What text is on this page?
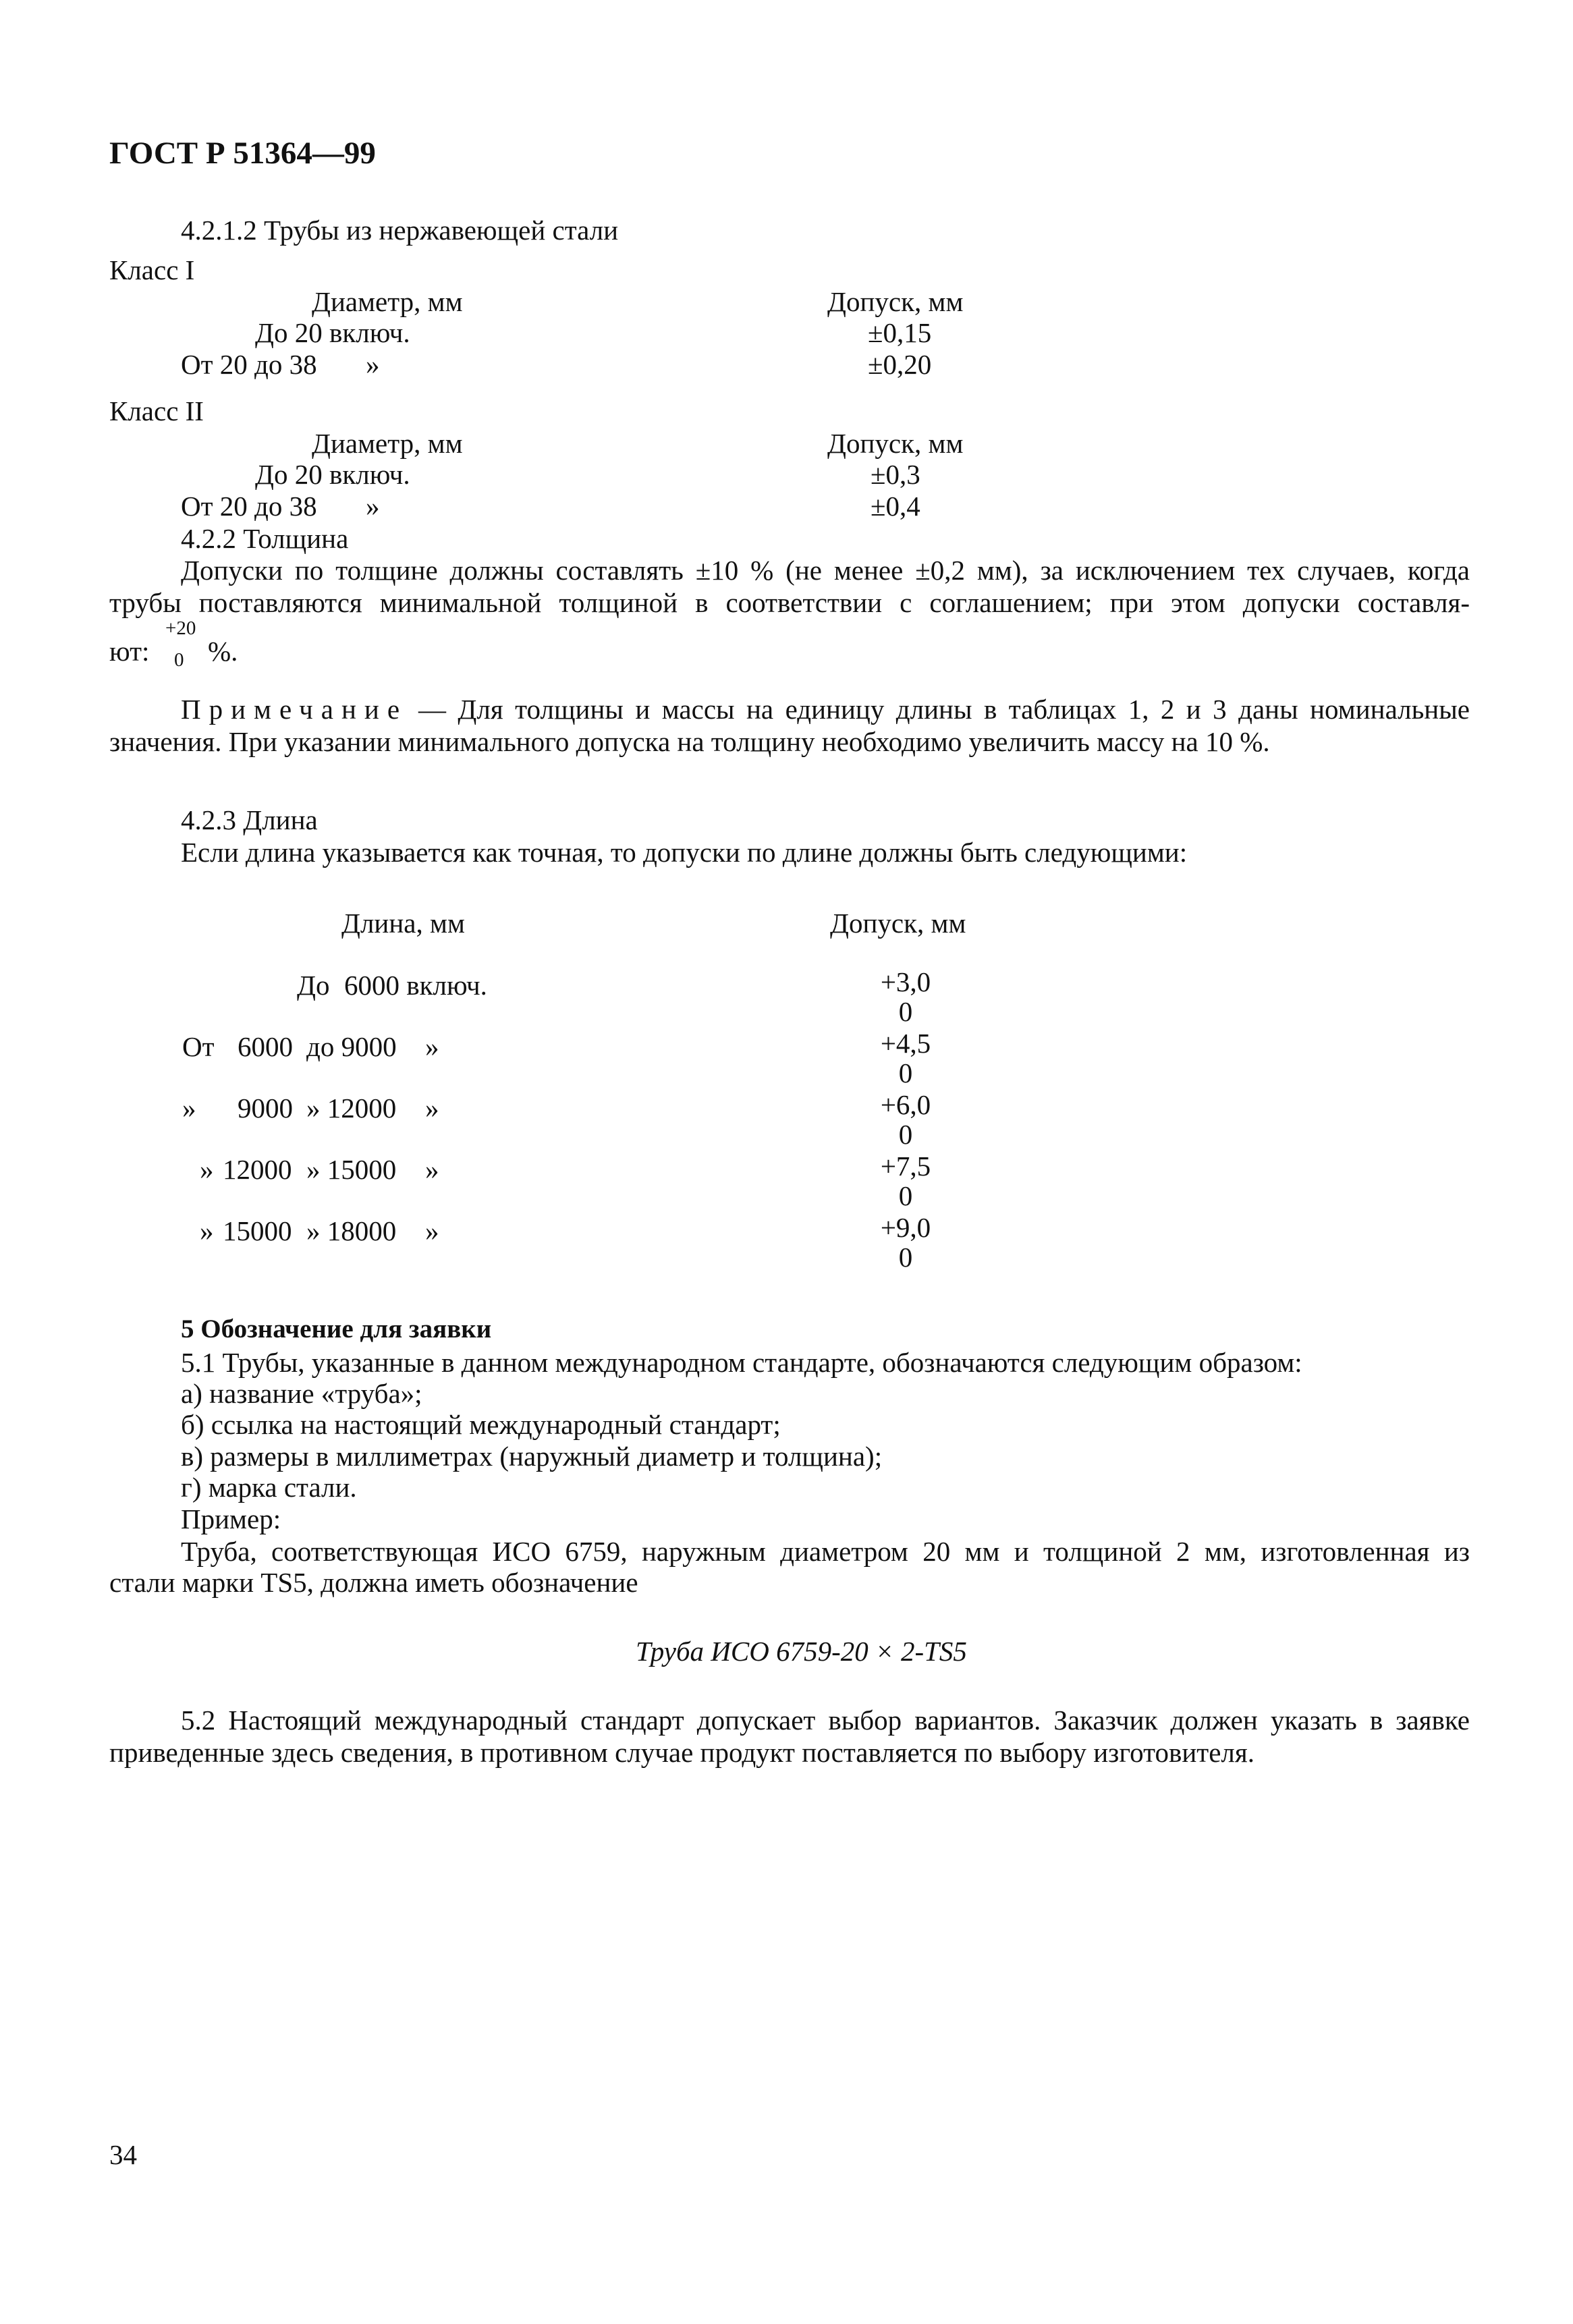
ГОСТ Р 51364—99
4.2.1.2 Трубы из нержавеющей стали
Класс I
Диаметр, мм	Допуск, мм
До 20 включ.	±0,15
От 20 до 38 »	±0,20
Класс II
Диаметр, мм	Допуск, мм
До 20 включ.	±0,3
От 20 до 38 »	±0,4
4.2.2 Толщина
Допуски по толщине должны составлять ±10 % (не менее ±0,2 мм), за исключением тех случаев, когда
трубы поставляются минимальной толщиной в соответствии с соглашением; при этом допуски составля-
ют:
+20
0 %.
Примечание — Для толщины и массы на единицу длины в таблицах 1, 2 и 3 даны номинальные
значения. При указании минимального допуска на толщину необходимо увеличить массу на 10 %.
4.2.3 Длина
Если длина указывается как точная, то допуски по длине должны быть следующими:
Длина, мм	Допуск, мм
До 6000 включ.	+3,0
0
От 6000 до 9000 »	+4,5
0
» 9000 » 12000 »	+6,0
0
» 12000 » 15000 »	+7,5
0
» 15000 » 18000 »	+9,0
0
5 Обозначение для заявки
5.1 Трубы, указанные в данном международном стандарте, обозначаются следующим образом:
а) название «труба»;
б) ссылка на настоящий международный стандарт;
в) размеры в миллиметрах (наружный диаметр и толщина);
г) марка стали.
Пример:
Труба, соответствующая ИСО 6759, наружным диаметром 20 мм и толщиной 2 мм, изготовленная из
стали марки TS5, должна иметь обозначение
Труба ИСО 6759-20 × 2-TS5
5.2 Настоящий международный стандарт допускает выбор вариантов. Заказчик должен указать в заявке
приведенные здесь сведения, в противном случае продукт поставляется по выбору изготовителя.
34
